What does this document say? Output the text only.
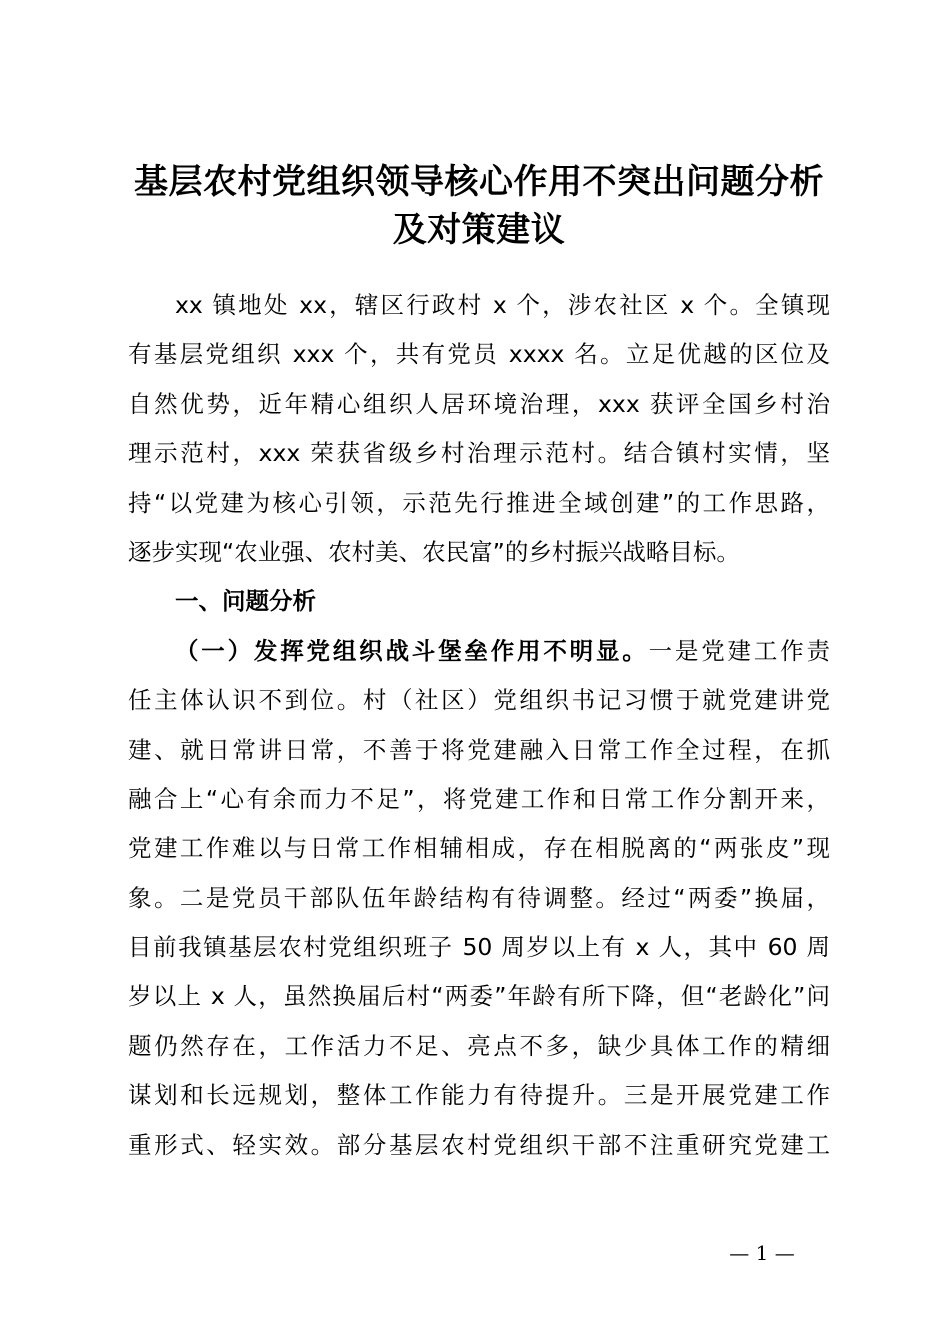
基层农村党组织领导核心作用不突出问题分析
及对策建议
xx 镇地处 xx，辖区行政村 x 个，涉农社区 x 个。全镇现
有基层党组织 xxx 个，共有党员 xxxx 名。立足优越的区位及
自然优势，近年精心组织人居环境治理，xxx 获评全国乡村治
理示范村，xxx 荣获省级乡村治理示范村。结合镇村实情，坚
持“以党建为核心引领，示范先行推进全域创建”的工作思路，
逐步实现“农业强、农村美、农民富”的乡村振兴战略目标。
一、问题分析
（一）发挥党组织战斗堡垒作用不明显。一是党建工作责
任主体认识不到位。村（社区）党组织书记习惯于就党建讲党
建、就日常讲日常，不善于将党建融入日常工作全过程，在抓
融合上“心有余而力不足”，将党建工作和日常工作分割开来，
党建工作难以与日常工作相辅相成，存在相脱离的“两张皮”现
象。二是党员干部队伍年龄结构有待调整。经过“两委”换届，
目前我镇基层农村党组织班子 50 周岁以上有 x 人，其中 60 周
岁以上 x 人，虽然换届后村“两委”年龄有所下降，但“老龄化”问
题仍然存在，工作活力不足、亮点不多，缺少具体工作的精细
谋划和长远规划，整体工作能力有待提升。三是开展党建工作
重形式、轻实效。部分基层农村党组织干部不注重研究党建工
— 1 —
